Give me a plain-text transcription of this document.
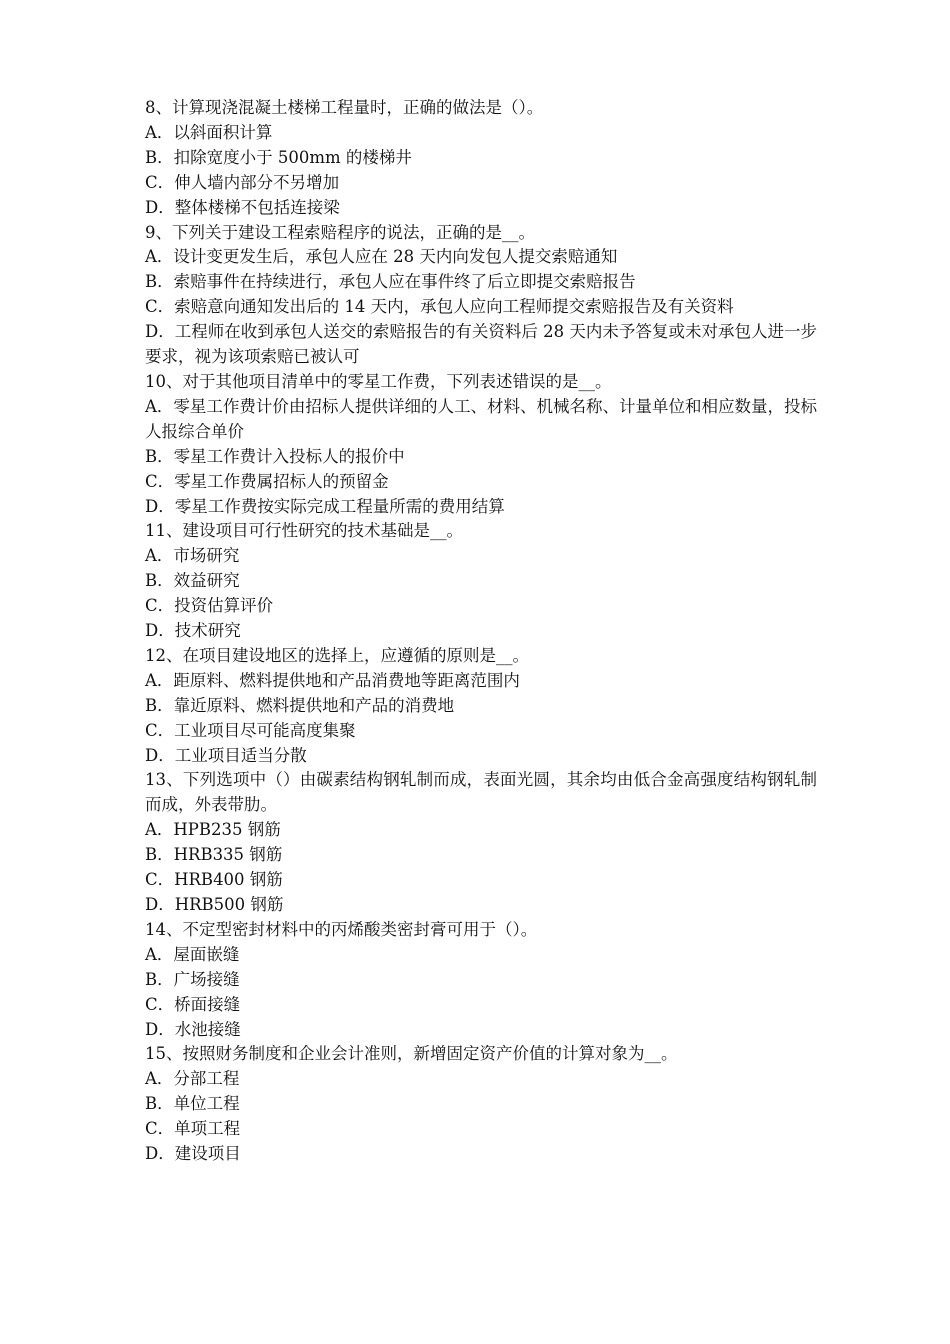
8、计算现浇混凝土楼梯工程量时，正确的做法是（）。

A．以斜面积计算

B．扣除宽度小于 500mm 的楼梯井

C．伸人墙内部分不另增加

D．整体楼梯不包括连接梁

9、下列关于建设工程索赔程序的说法，正确的是__。

A．设计变更发生后，承包人应在 28 天内向发包人提交索赔通知

B．索赔事件在持续进行，承包人应在事件终了后立即提交索赔报告

C．索赔意向通知发出后的 14 天内，承包人应向工程师提交索赔报告及有关资料

D．工程师在收到承包人送交的索赔报告的有关资料后 28 天内未予答复或未对承包人进一步要求，视为该项索赔已被认可

10、对于其他项目清单中的零星工作费，下列表述错误的是__。

A．零星工作费计价由招标人提供详细的人工、材料、机械名称、计量单位和相应数量，投标人报综合单价

B．零星工作费计入投标人的报价中

C．零星工作费属招标人的预留金

D．零星工作费按实际完成工程量所需的费用结算

11、建设项目可行性研究的技术基础是__。

A．市场研究

B．效益研究

C．投资估算评价

D．技术研究

12、在项目建设地区的选择上，应遵循的原则是__。

A．距原料、燃料提供地和产品消费地等距离范围内

B．靠近原料、燃料提供地和产品的消费地

C．工业项目尽可能高度集聚

D．工业项目适当分散

13、下列选项中（）由碳素结构钢轧制而成，表面光圆，其余均由低合金高强度结构钢轧制而成，外表带肋。

A．HPB235 钢筋

B．HRB335 钢筋

C．HRB400 钢筋

D．HRB500 钢筋

14、不定型密封材料中的丙烯酸类密封膏可用于（）。

A．屋面嵌缝

B．广场接缝

C．桥面接缝

D．水池接缝

15、按照财务制度和企业会计准则，新增固定资产价值的计算对象为__。

A．分部工程

B．单位工程

C．单项工程

D．建设项目
